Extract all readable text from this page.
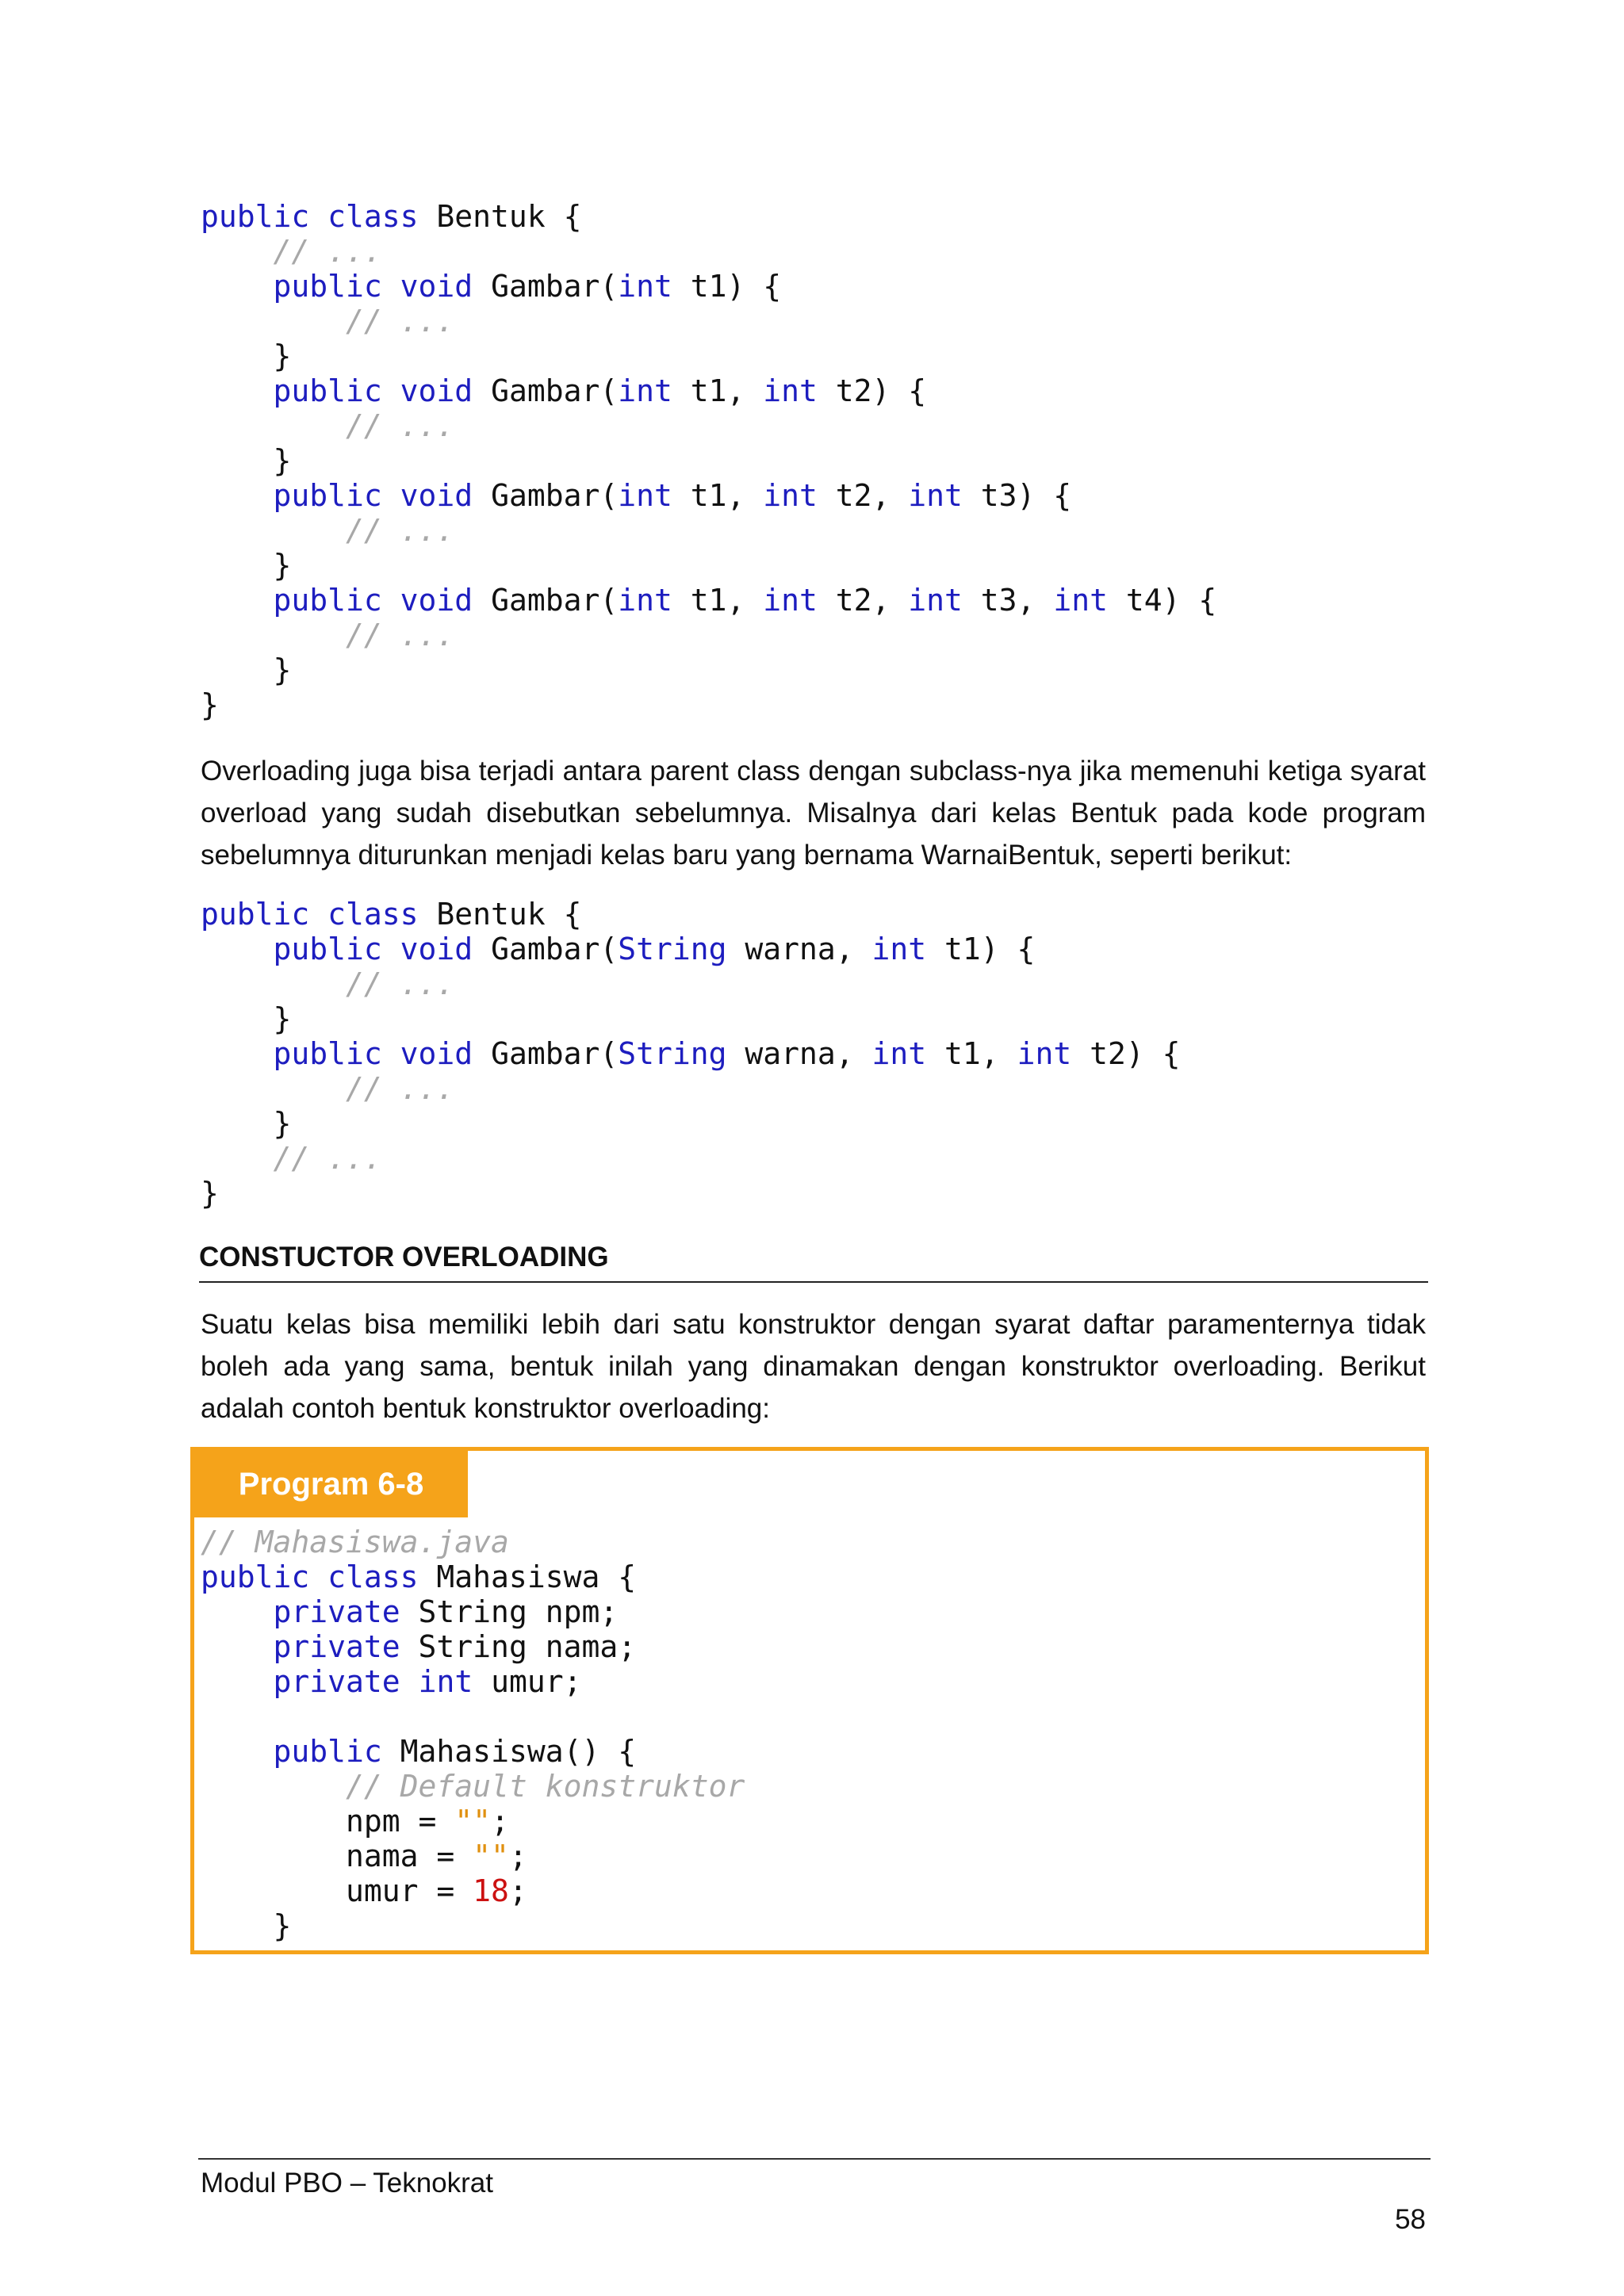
public class Bentuk {
// ...
public void Gambar(int t1) {
// ...
}
public void Gambar(int t1, int t2) {
// ...
}
public void Gambar(int t1, int t2, int t3) {
// ...
}
public void Gambar(int t1, int t2, int t3, int t4) {
// ...
}
}

Overloading juga bisa terjadi antara parent class dengan subclass-nya jika memenuhi ketiga syarat overload yang sudah disebutkan sebelumnya. Misalnya dari kelas Bentuk pada kode program sebelumnya diturunkan menjadi kelas baru yang bernama WarnaiBentuk, seperti berikut:

public class Bentuk {
public void Gambar(String warna, int t1) {
// ...
}
public void Gambar(String warna, int t1, int t2) {
// ...
}
// ...
}
CONSTUCTOR OVERLOADING

Suatu kelas bisa memiliki lebih dari satu konstruktor dengan syarat daftar paramenternya tidak boleh ada yang sama, bentuk inilah yang dinamakan dengan konstruktor overloading. Berikut adalah contoh bentuk konstruktor overloading:

Program 6-8
// Mahasiswa.java
public class Mahasiswa {
private String npm;
private String nama;
private int umur;
public Mahasiswa() {
// Default konstruktor
npm = "";
nama = "";
umur = 18;
}
Modul PBO – Teknokrat
58
